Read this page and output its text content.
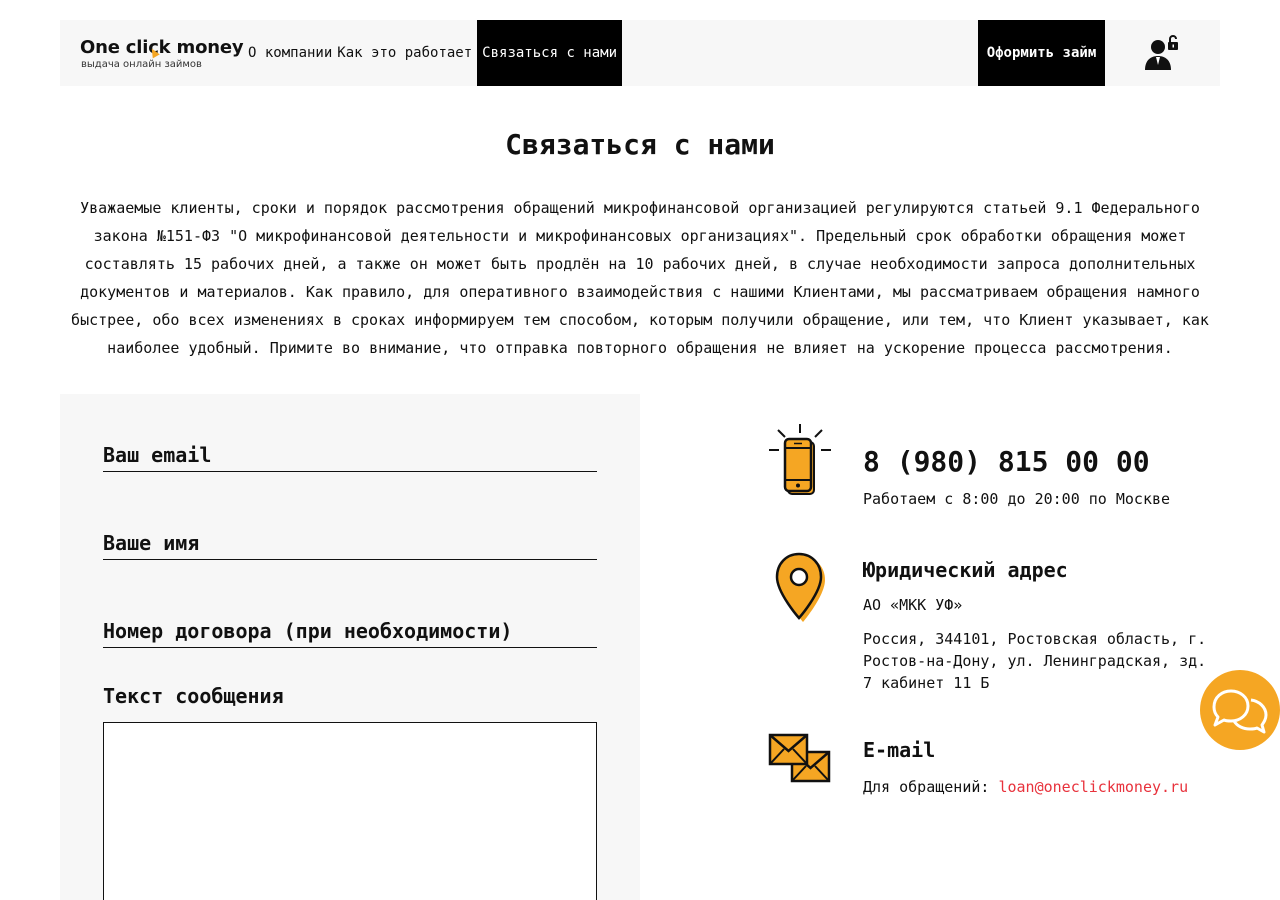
One click money
выдача онлайн займов
О компании Как это работает Связаться с нами	Оформить займ
Связаться с нами

Уважаемые клиенты, сроки и порядок рассмотрения обращений микрофинансовой организацией регулируются статьей 9.1 Федерального закона №151-ФЗ "О микрофинансовой деятельности и микрофинансовых организациях". Предельный срок обработки обращения может составлять 15 рабочих дней, а также он может быть продлён на 10 рабочих дней, в случае необходимости запроса дополнительных документов и материалов. Как правило, для оперативного взаимодействия с нашими Клиентами, мы рассматриваем обращения намного быстрее, обо всех изменениях в сроках информируем тем способом, которым получили обращение, или тем, что Клиент указывает, как наиболее удобный. Примите во внимание, что отправка повторного обращения не влияет на ускорение процесса рассмотрения.

Ваш email
Ваше имя
Номер договора (при необходимости)
Текст сообщения
8 (980) 815 00 00
Работаем с 8:00 до 20:00 по Москве
Юридический адрес
АО «МКК УФ»
Россия, 344101, Ростовская область, г.
Ростов-на-Дону, ул. Ленинградская, зд.
7 кабинет 11 Б
E-mail
Для обращений: loan@oneclickmoney.ru
